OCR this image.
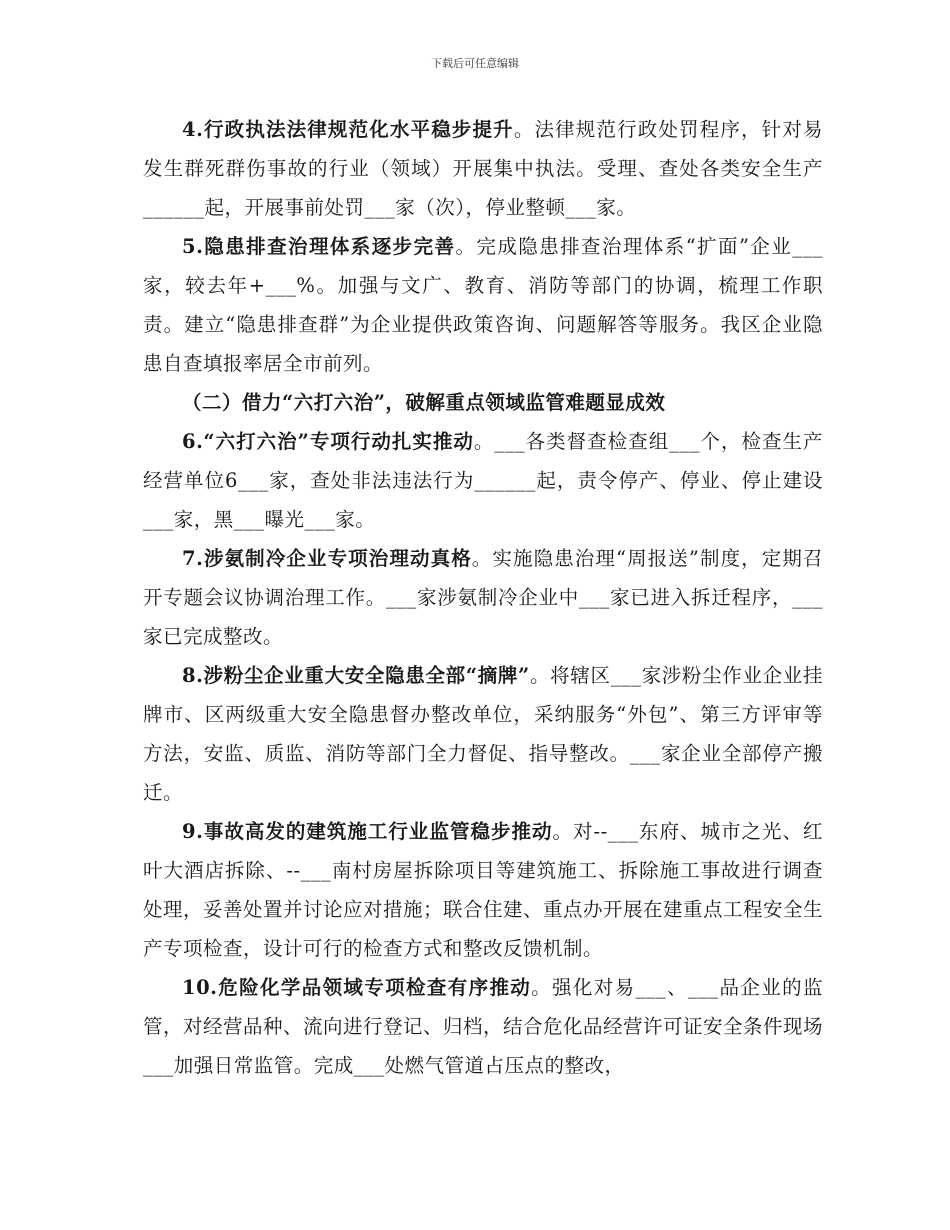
下载后可任意编辑

4.行政执法法律规范化水平稳步提升。法律规范行政处罚程序，针对易发生群死群伤事故的行业（领域）开展集中执法。受理、查处各类安全生产______起，开展事前处罚___家（次），停业整顿___家。

5.隐患排查治理体系逐步完善。完成隐患排查治理体系“扩面”企业___家，较去年+___%。加强与文广、教育、消防等部门的协调，梳理工作职责。建立“隐患排查群”为企业提供政策咨询、问题解答等服务。我区企业隐患自查填报率居全市前列。

（二）借力“六打六治”，破解重点领域监管难题显成效

6.“六打六治”专项行动扎实推动。___各类督查检查组___个，检查生产经营单位6___家，查处非法违法行为______起，责令停产、停业、停止建设___家，黑___曝光___家。

7.涉氨制冷企业专项治理动真格。实施隐患治理“周报送”制度，定期召开专题会议协调治理工作。___家涉氨制冷企业中___家已进入拆迁程序，___家已完成整改。

8.涉粉尘企业重大安全隐患全部“摘牌”。将辖区___家涉粉尘作业企业挂牌市、区两级重大安全隐患督办整改单位，采纳服务“外包”、第三方评审等方法，安监、质监、消防等部门全力督促、指导整改。___家企业全部停产搬迁。

9.事故高发的建筑施工行业监管稳步推动。对--___东府、城市之光、红叶大酒店拆除、--___南村房屋拆除项目等建筑施工、拆除施工事故进行调查处理，妥善处置并讨论应对措施；联合住建、重点办开展在建重点工程安全生产专项检查，设计可行的检查方式和整改反馈机制。

10.危险化学品领域专项检查有序推动。强化对易___、___品企业的监管，对经营品种、流向进行登记、归档，结合危化品经营许可证安全条件现场___加强日常监管。完成___处燃气管道占压点的整改，
